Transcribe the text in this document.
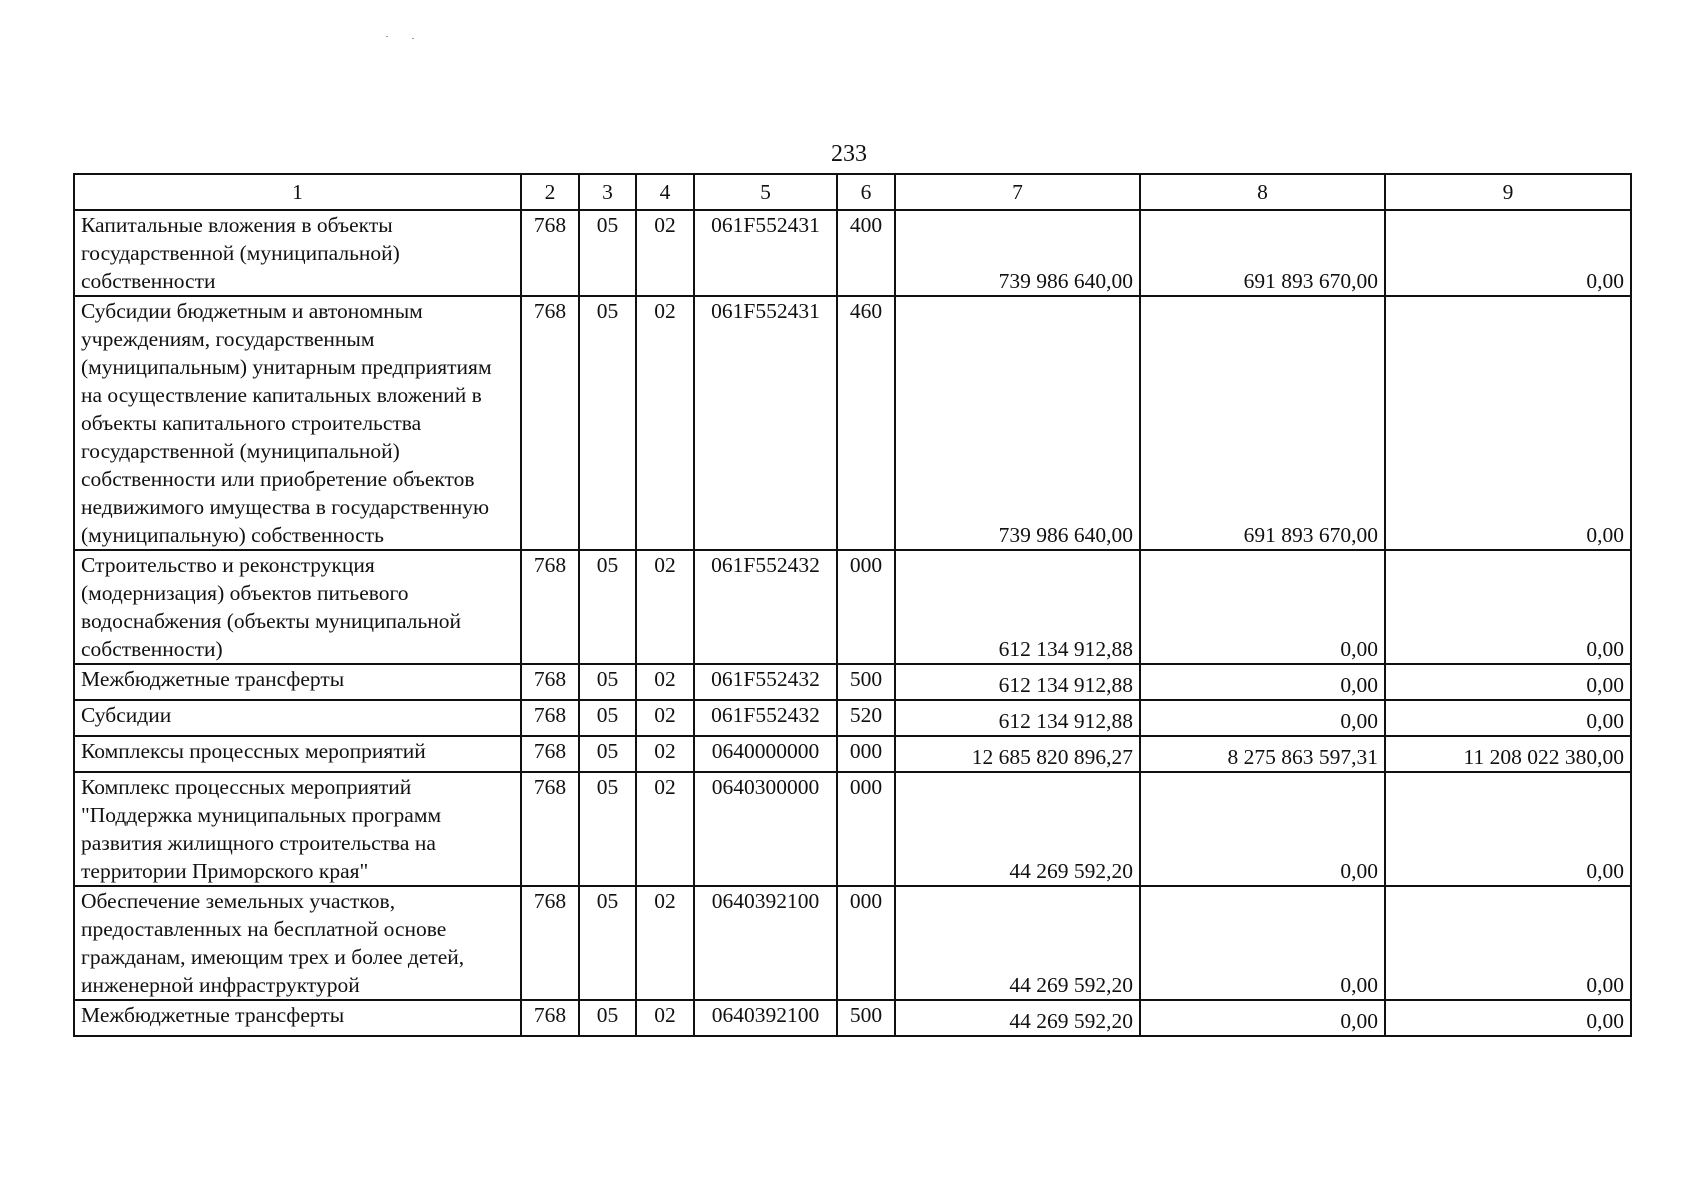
233
1	2	3	4	5	6	7	8	9
Капитальные вложения в объекты государственной (муниципальной) собственности	768	05	02	061F552431	400	739 986 640,00	691 893 670,00	0,00
Субсидии бюджетным и автономным учреждениям, государственным (муниципальным) унитарным предприятиям на осуществление капитальных вложений в объекты капитального строительства государственной (муниципальной) собственности или приобретение объектов недвижимого имущества в государственную (муниципальную) собственность	768	05	02	061F552431	460	739 986 640,00	691 893 670,00	0,00
Строительство и реконструкция (модернизация) объектов питьевого водоснабжения (объекты муниципальной собственности)	768	05	02	061F552432	000	612 134 912,88	0,00	0,00
Межбюджетные трансферты	768	05	02	061F552432	500	612 134 912,88	0,00	0,00
Субсидии	768	05	02	061F552432	520	612 134 912,88	0,00	0,00
Комплексы процессных мероприятий	768	05	02	0640000000	000	12 685 820 896,27	8 275 863 597,31	11 208 022 380,00
Комплекс процессных мероприятий "Поддержка муниципальных программ развития жилищного строительства на территории Приморского края"	768	05	02	0640300000	000	44 269 592,20	0,00	0,00
Обеспечение земельных участков, предоставленных на бесплатной основе гражданам, имеющим трех и более детей, инженерной инфраструктурой	768	05	02	0640392100	000	44 269 592,20	0,00	0,00
Межбюджетные трансферты	768	05	02	0640392100	500	44 269 592,20	0,00	0,00
